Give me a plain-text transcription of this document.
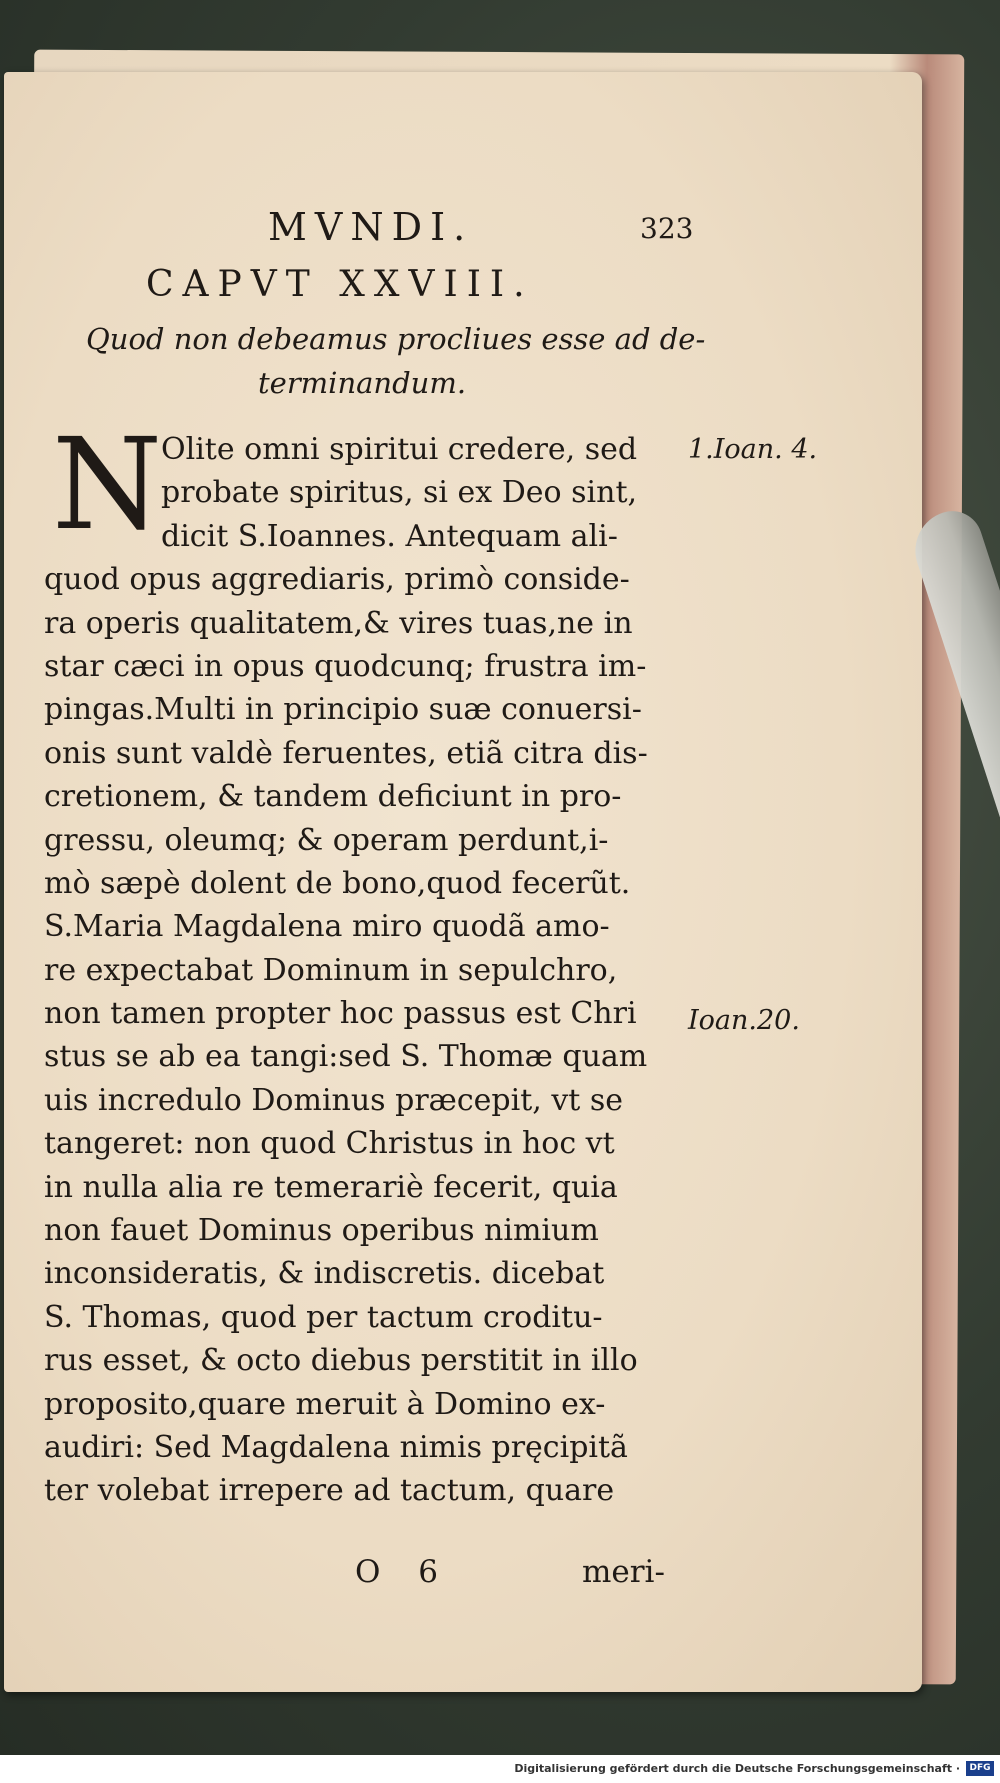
MVNDI.	323
CAPVT XXVIII.
Quod non debeamus procliues esse ad de-
terminandum.
N
Olite omni spiritui credere, sed
probate spiritus, si ex Deo sint,
dicit S.Ioannes. Antequam ali-
quod opus aggrediaris, primò conside-
ra operis qualitatem,& vires tuas,ne in
star cæci in opus quodcunq; frustra im-
pingas.Multi in principio suæ conuersi-
onis sunt valdè feruentes, etiã citra dis-
cretionem, & tandem deficiunt in pro-
gressu, oleumq; & operam perdunt,i-
mò sæpè dolent de bono,quod fecerũt.
S.Maria Magdalena miro quodã amo-
re expectabat Dominum in sepulchro,
non tamen propter hoc passus est Chri
stus se ab ea tangi:sed S. Thomæ quam
uis incredulo Dominus præcepit, vt se
tangeret: non quod Christus in hoc vt
in nulla alia re temerariè fecerit, quia
non fauet Dominus operibus nimium
inconsideratis, & indiscretis. dicebat
S. Thomas, quod per tactum croditu-
rus esset, & octo diebus perstitit in illo
proposito,quare meruit à Domino ex-
audiri: Sed Magdalena nimis pręcipitã
ter volebat irrepere ad tactum, quare
1.Ioan. 4.
Ioan.20.
O 6	meri-
Digitalisierung gefördert durch die Deutsche Forschungsgemeinschaft ·	DFG
